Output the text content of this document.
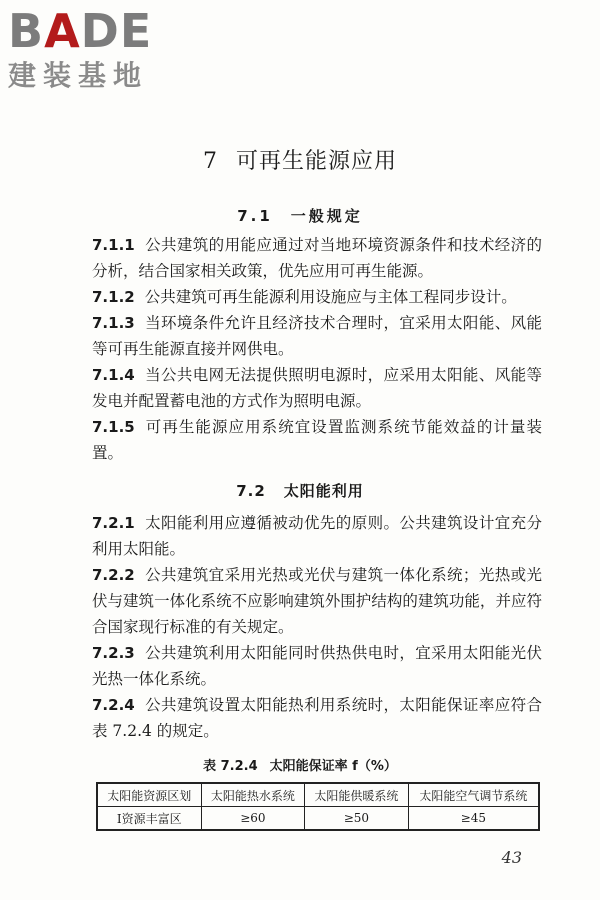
BADE
建装基地
7 可再生能源应用
7.1 一般规定

7.1.1 公共建筑的用能应通过对当地环境资源条件和技术经济的分析，结合国家相关政策，优先应用可再生能源。

7.1.2 公共建筑可再生能源利用设施应与主体工程同步设计。

7.1.3 当环境条件允许且经济技术合理时，宜采用太阳能、风能等可再生能源直接并网供电。

7.1.4 当公共电网无法提供照明电源时，应采用太阳能、风能等发电并配置蓄电池的方式作为照明电源。

7.1.5 可再生能源应用系统宜设置监测系统节能效益的计量装置。

7.2 太阳能利用

7.2.1 太阳能利用应遵循被动优先的原则。公共建筑设计宜充分利用太阳能。

7.2.2 公共建筑宜采用光热或光伏与建筑一体化系统；光热或光伏与建筑一体化系统不应影响建筑外围护结构的建筑功能，并应符合国家现行标准的有关规定。

7.2.3 公共建筑利用太阳能同时供热供电时，宜采用太阳能光伏光热一体化系统。

7.2.4 公共建筑设置太阳能热利用系统时，太阳能保证率应符合表 7.2.4 的规定。

表 7.2.4 太阳能保证率 f（%）
太阳能资源区划	太阳能热水系统	太阳能供暖系统	太阳能空气调节系统
Ⅰ资源丰富区	≥60	≥50	≥45
43
